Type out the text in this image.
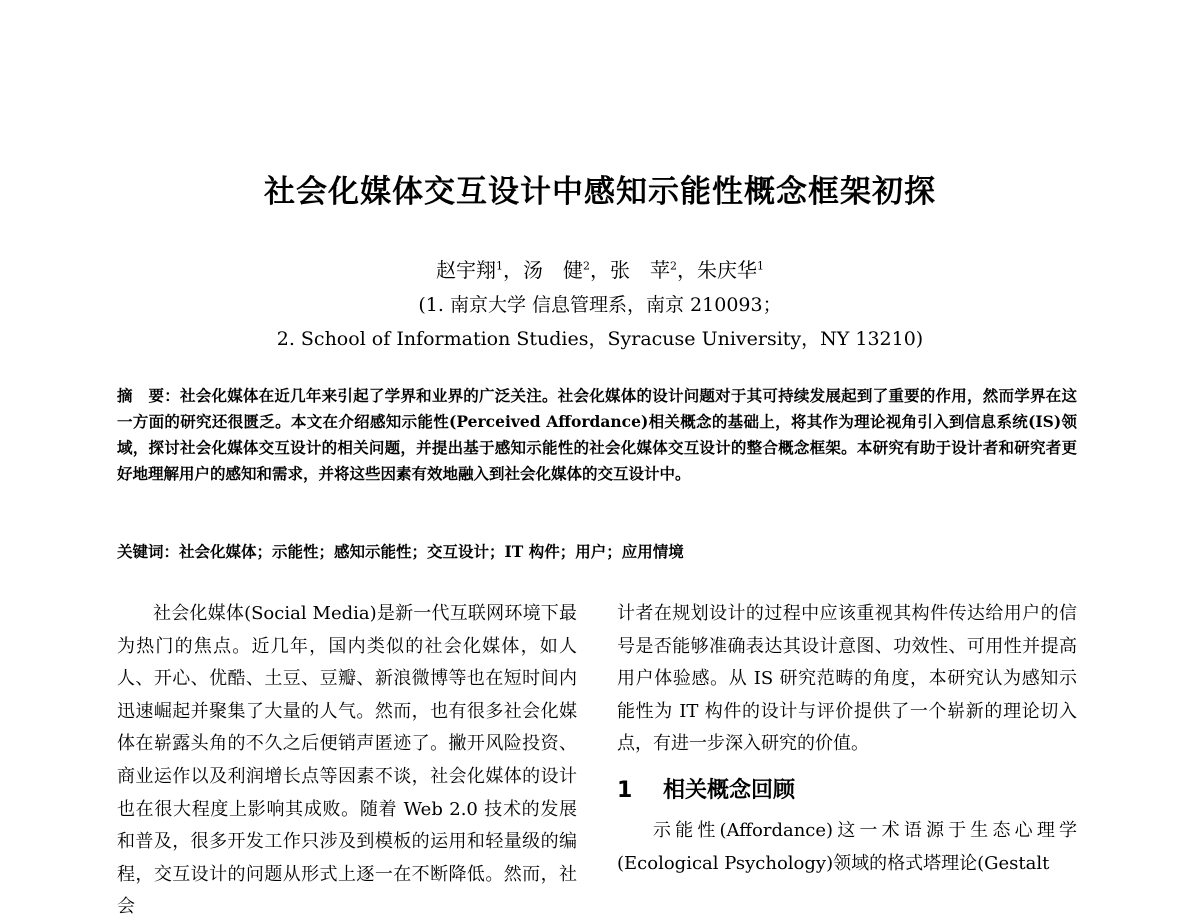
社会化媒体交互设计中感知示能性概念框架初探
赵宇翔$^1$，汤　健$^2$，张　苹$^2$，朱庆华$^1$
(1. 南京大学 信息管理系，南京 210093；
2. School of Information Studies，Syracuse University，NY 13210)
摘　要：社会化媒体在近几年来引起了学界和业界的广泛关注。社会化媒体的设计问题对于其可持续发展起到了重要的作用，然而学界在这一方面的研究还很匮乏。本文在介绍感知示能性(Perceived Affordance)相关概念的基础上，将其作为理论视角引入到信息系统(IS)领域，探讨社会化媒体交互设计的相关问题，并提出基于感知示能性的社会化媒体交互设计的整合概念框架。本研究有助于设计者和研究者更好地理解用户的感知和需求，并将这些因素有效地融入到社会化媒体的交互设计中。
关键词：社会化媒体；示能性；感知示能性；交互设计；IT 构件；用户；应用情境

社会化媒体(Social Media)是新一代互联网环境下最为热门的焦点。近几年，国内类似的社会化媒体，如人人、开心、优酷、土豆、豆瓣、新浪微博等也在短时间内迅速崛起并聚集了大量的人气。然而，也有很多社会化媒体在崭露头角的不久之后便销声匿迹了。撇开风险投资、商业运作以及利润增长点等因素不谈，社会化媒体的设计也在很大程度上影响其成败。随着 Web 2.0 技术的发展和普及，很多开发工作只涉及到模板的运用和轻量级的编程，交互设计的问题从形式上逐一在不断降低。然而，社会

计者在规划设计的过程中应该重视其构件传达给用户的信号是否能够准确表达其设计意图、功效性、可用性并提高用户体验感。从 IS 研究范畴的角度，本研究认为感知示能性为 IT 构件的设计与评价提供了一个崭新的理论切入点，有进一步深入研究的价值。

1 相关概念回顾

示能性(Affordance)这一术语源于生态心理学(Ecological Psychology)领域的格式塔理论(Gestalt
